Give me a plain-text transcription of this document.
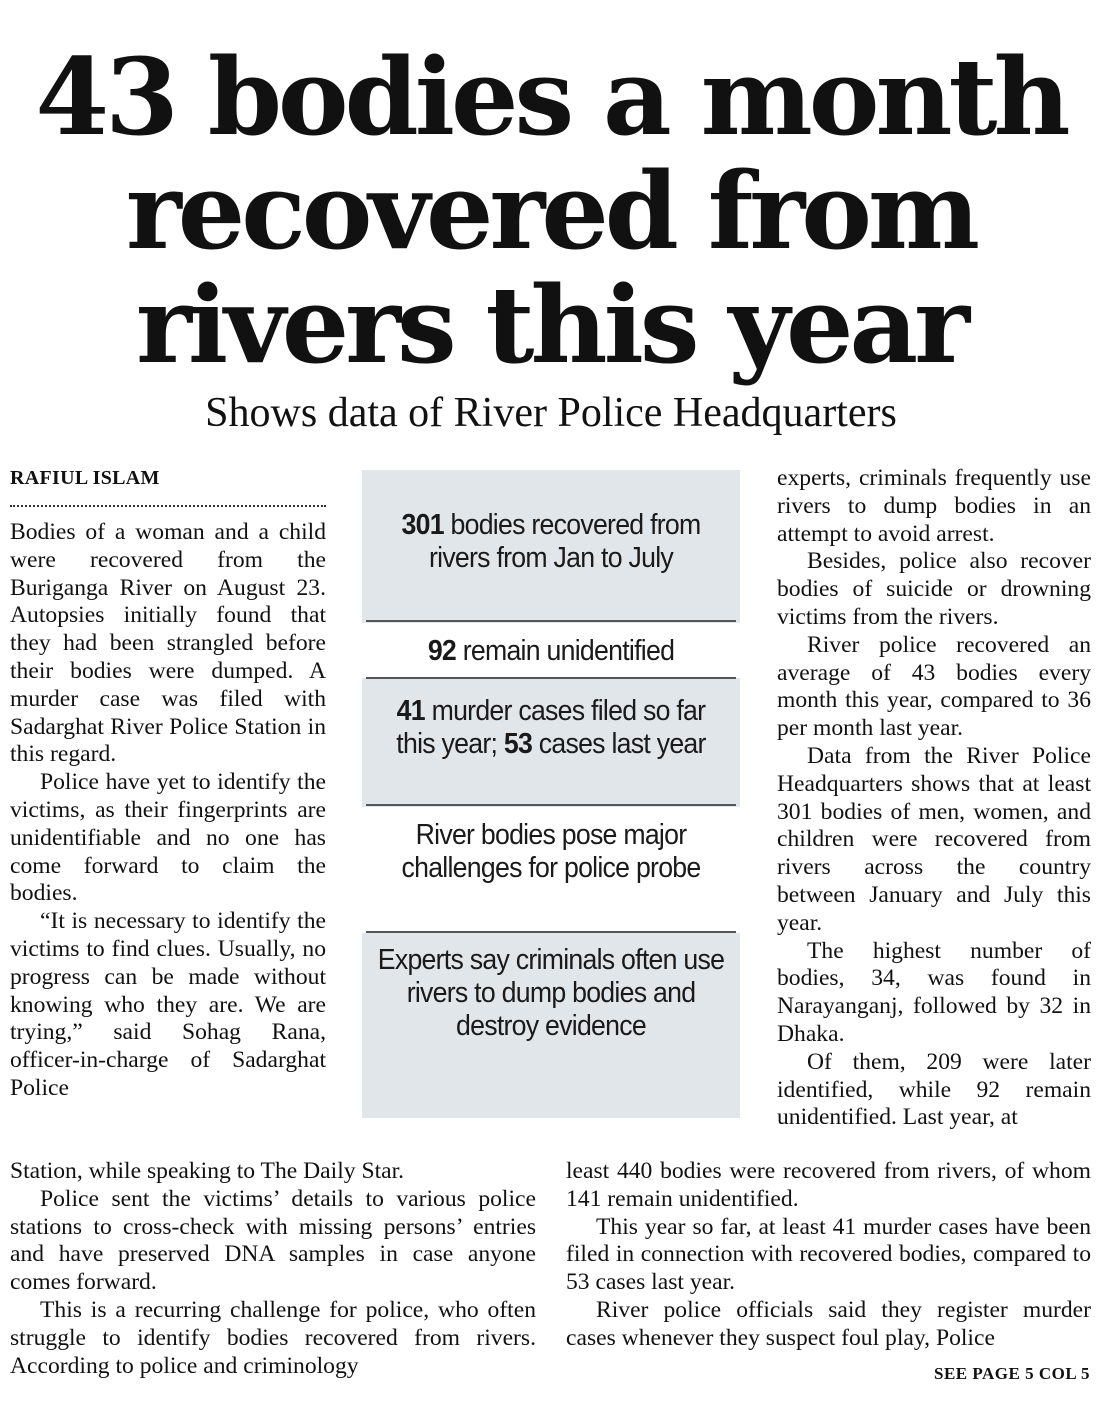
43 bodies a month
recovered from
rivers this year
Shows data of River Police Headquarters
RAFIUL ISLAM

Bodies of a woman and a child were recovered from the Buriganga River on August 23. Autopsies initially found that they had been strangled before their bodies were dumped. A murder case was filed with Sadarghat River Police Station in this regard.

Police have yet to identify the victims, as their fingerprints are unidentifiable and no one has come forward to claim the bodies.

“It is necessary to identify the victims to find clues. Usually, no progress can be made without knowing who they are. We are trying,” said Sohag Rana, officer-in-charge of Sadarghat Police

Station, while speaking to The Daily Star.

Police sent the victims’ details to various police stations to cross-check with missing persons’ entries and have preserved DNA samples in case anyone comes forward.

This is a recurring challenge for police, who often struggle to identify bodies recovered from rivers. According to police and criminology

301 bodies recovered from rivers from Jan to July
92 remain unidentified
41 murder cases filed so far this year; 53 cases last year
River bodies pose major challenges for police probe
Experts say criminals often use rivers to dump bodies and destroy evidence

experts, criminals frequently use rivers to dump bodies in an attempt to avoid arrest.

Besides, police also recover bodies of suicide or drowning victims from the rivers.

River police recovered an average of 43 bodies every month this year, compared to 36 per month last year.

Data from the River Police Headquarters shows that at least 301 bodies of men, women, and children were recovered from rivers across the country between January and July this year.

The highest number of bodies, 34, was found in Narayanganj, followed by 32 in Dhaka.

Of them, 209 were later identified, while 92 remain unidentified. Last year, at

least 440 bodies were recovered from rivers, of whom 141 remain unidentified.

This year so far, at least 41 murder cases have been filed in connection with recovered bodies, compared to 53 cases last year.

River police officials said they register murder cases whenever they suspect foul play, Police

SEE PAGE 5 COL 5
